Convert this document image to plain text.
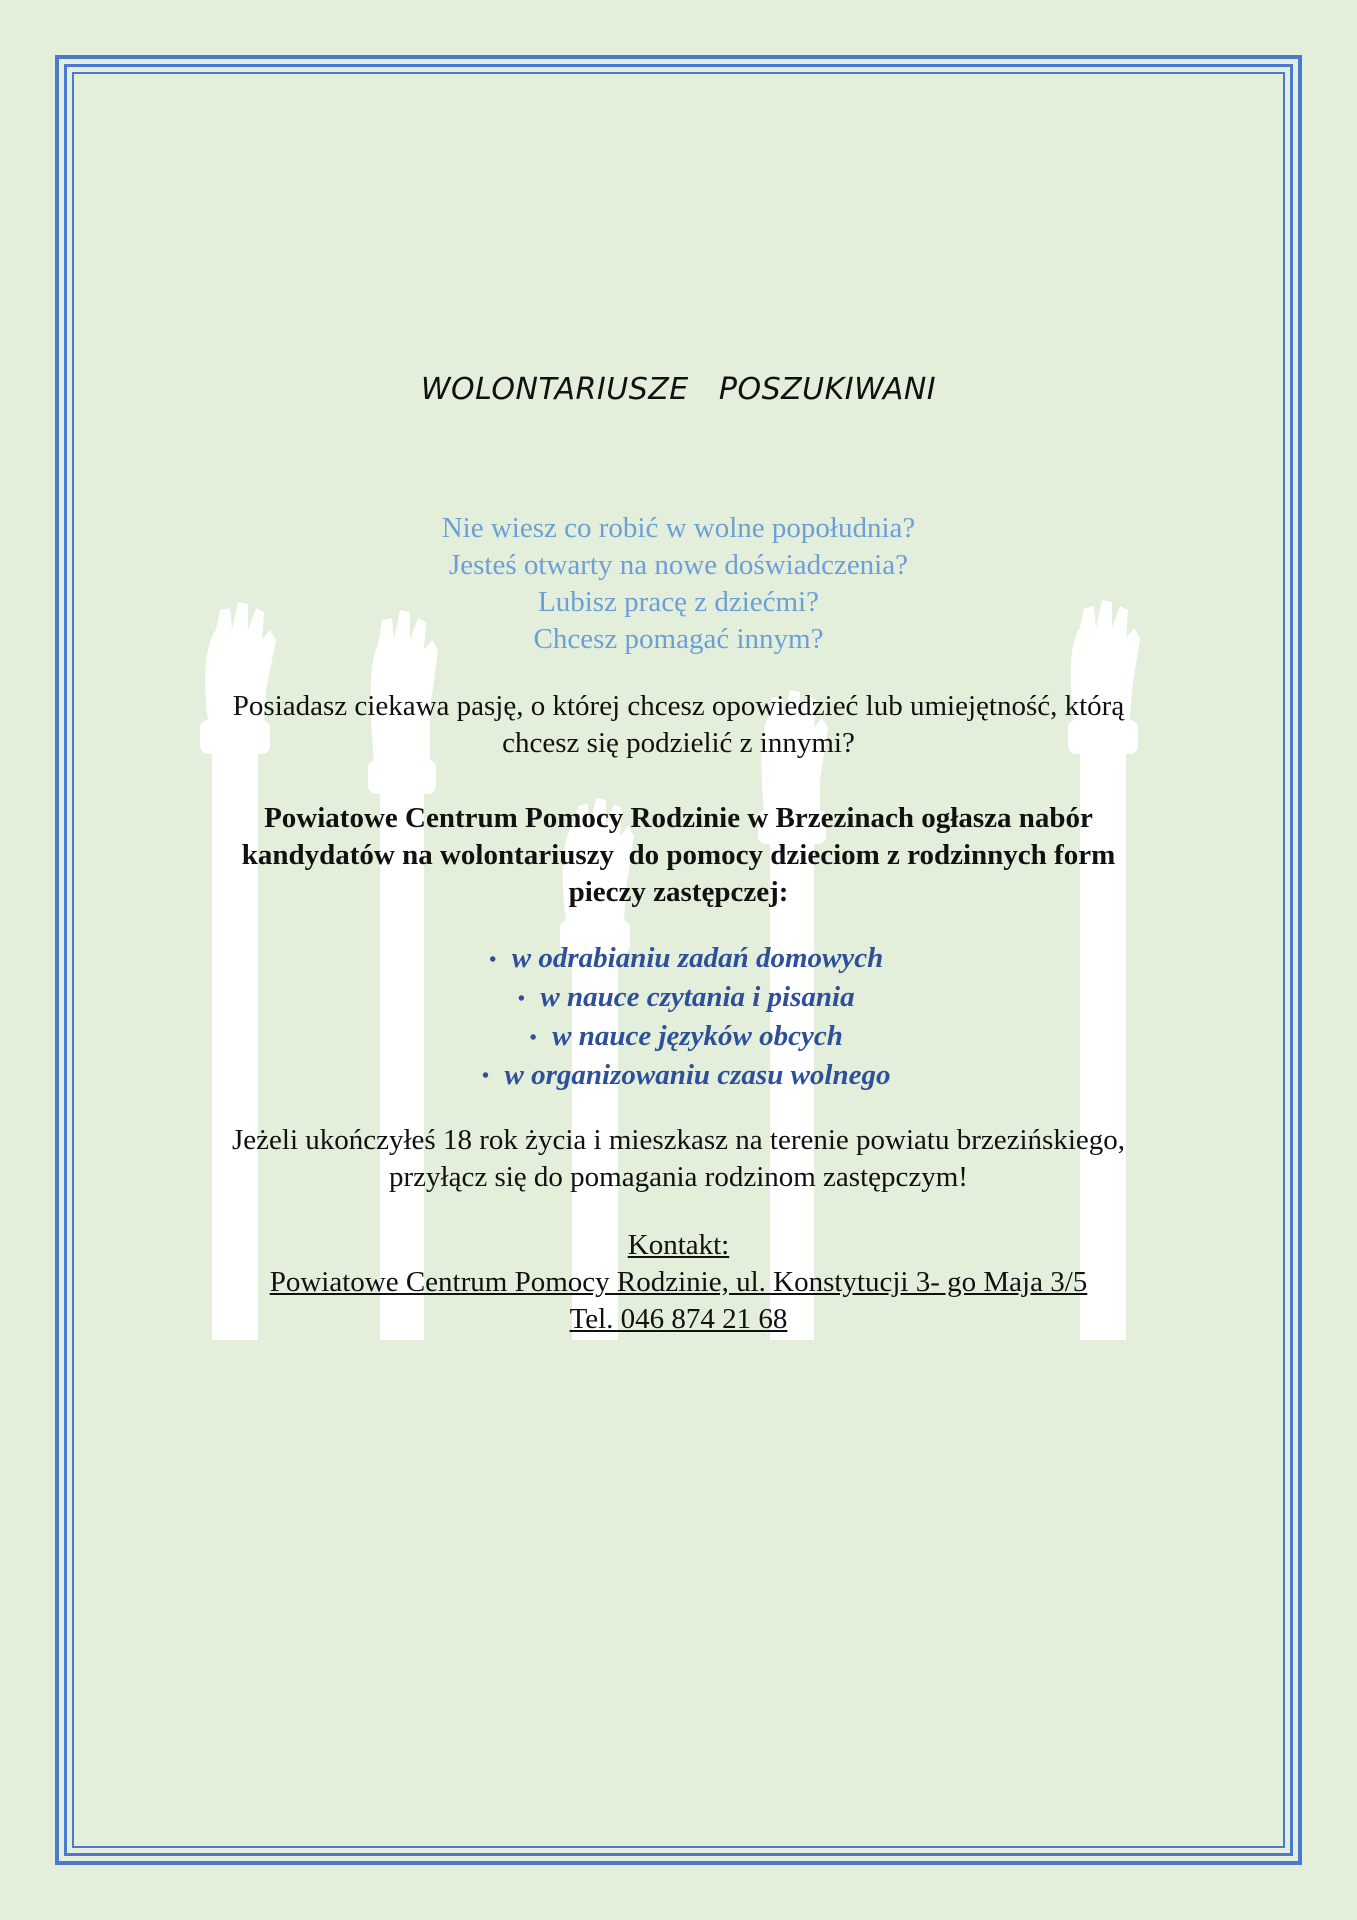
WOLONTARIUSZE   POSZUKIWANI
Nie wiesz co robić w wolne popołudnia?
Jesteś otwarty na nowe doświadczenia?
Lubisz pracę z dziećmi?
Chcesz pomagać innym?
Posiadasz ciekawa pasję, o której chcesz opowiedzieć lub umiejętność, którą
chcesz się podzielić z innymi?
Powiatowe Centrum Pomocy Rodzinie w Brzezinach ogłasza nabór
kandydatów na wolontariuszy  do pomocy dzieciom z rodzinnych form
pieczy zastępczej:
• w odrabianiu zadań domowych
• w nauce czytania i pisania
• w nauce języków obcych
• w organizowaniu czasu wolnego
Jeżeli ukończyłeś 18 rok życia i mieszkasz na terenie powiatu brzezińskiego,
przyłącz się do pomagania rodzinom zastępczym!
Kontakt:
Powiatowe Centrum Pomocy Rodzinie, ul. Konstytucji 3- go Maja 3/5
Tel. 046 874 21 68
